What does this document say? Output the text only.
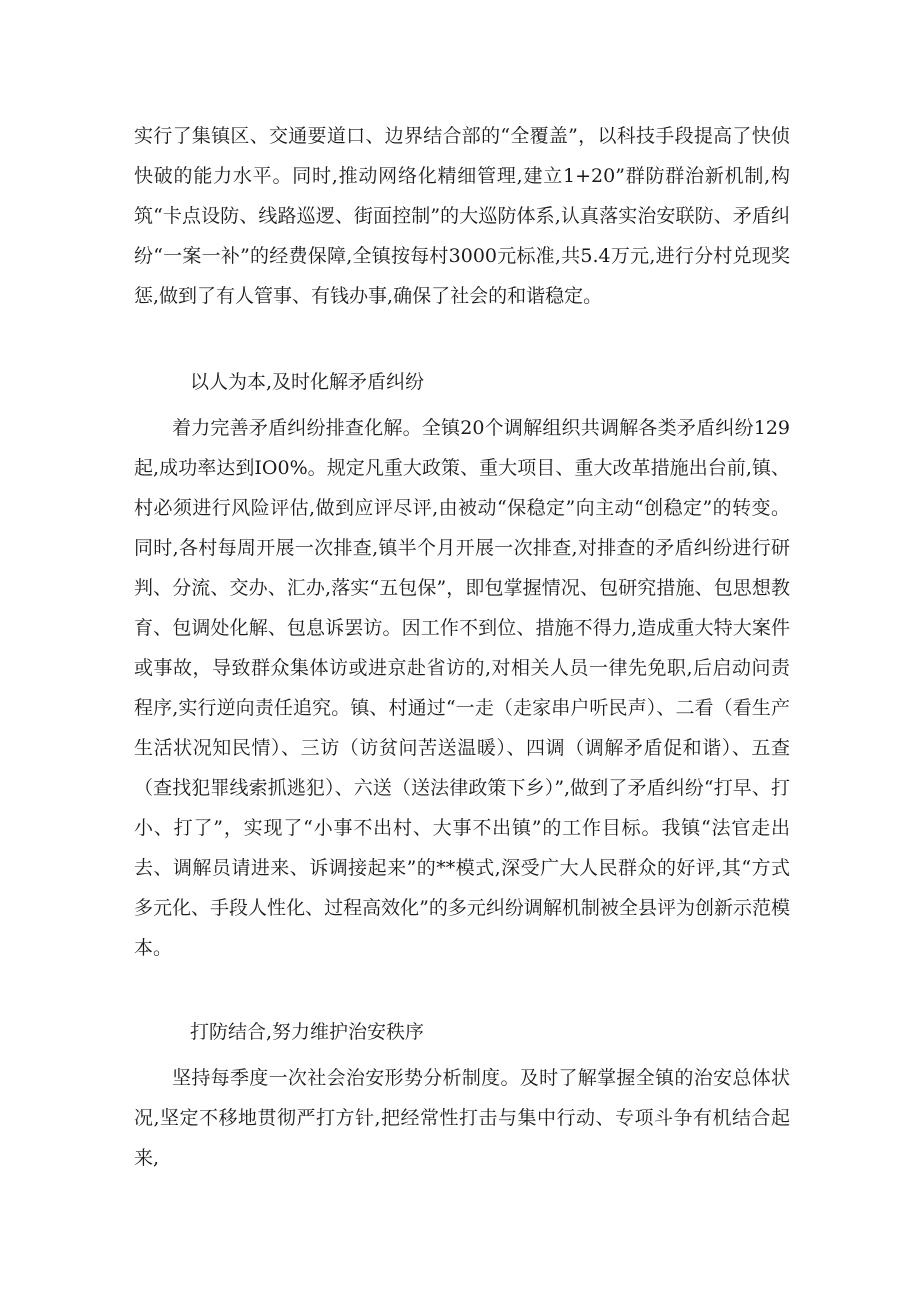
实行了集镇区、交通要道口、边界结合部的“全覆盖”，以科技手段提高了快侦快破的能力水平。同时,推动网络化精细管理,建立1+20”群防群治新机制,构筑“卡点设防、线路巡逻、街面控制”的大巡防体系,认真落实治安联防、矛盾纠纷“一案一补”的经费保障,全镇按每村3000元标准,共5.4万元,进行分村兑现奖惩,做到了有人管事、有钱办事,确保了社会的和谐稳定。

以人为本,及时化解矛盾纠纷

着力完善矛盾纠纷排查化解。全镇20个调解组织共调解各类矛盾纠纷129起,成功率达到IO0%。规定凡重大政策、重大项目、重大改革措施出台前,镇、村必须进行风险评估,做到应评尽评,由被动“保稳定”向主动“创稳定”的转变。同时,各村每周开展一次排查,镇半个月开展一次排查,对排查的矛盾纠纷进行研判、分流、交办、汇办,落实“五包保”，即包掌握情况、包研究措施、包思想教育、包调处化解、包息诉罢访。因工作不到位、措施不得力,造成重大特大案件或事故，导致群众集体访或进京赴省访的,对相关人员一律先免职,后启动问责程序,实行逆向责任追究。镇、村通过“一走（走家串户听民声）、二看（看生产生活状况知民情）、三访（访贫问苦送温暖）、四调（调解矛盾促和谐）、五查（查找犯罪线索抓逃犯）、六送（送法律政策下乡）”,做到了矛盾纠纷“打早、打小、打了”，实现了“小事不出村、大事不出镇”的工作目标。我镇“法官走出去、调解员请进来、诉调接起来”的**模式,深受广大人民群众的好评,其“方式多元化、手段人性化、过程高效化”的多元纠纷调解机制被全县评为创新示范模本。

打防结合,努力维护治安秩序

坚持每季度一次社会治安形势分析制度。及时了解掌握全镇的治安总体状况,坚定不移地贯彻严打方针,把经常性打击与集中行动、专项斗争有机结合起来,
